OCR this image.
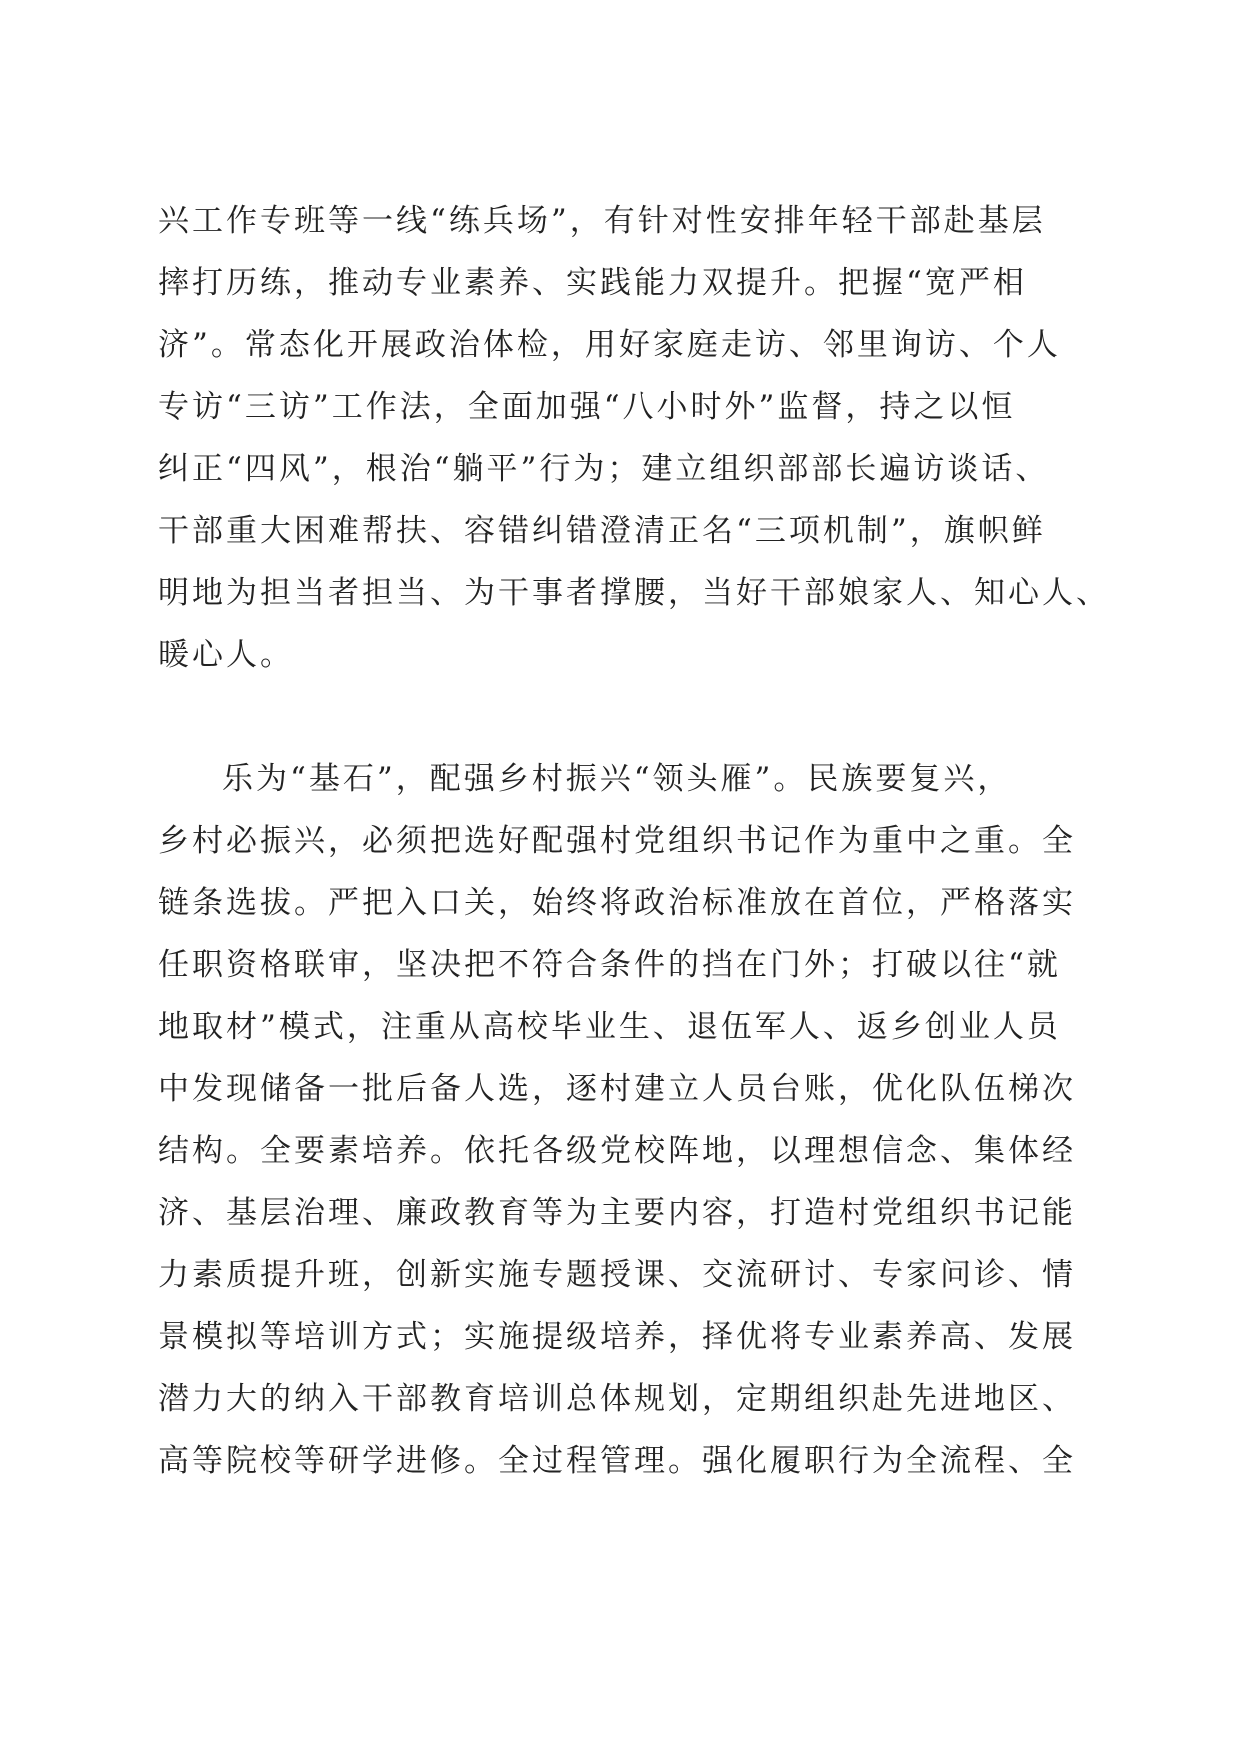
兴工作专班等一线“练兵场”，有针对性安排年轻干部赴基层
摔打历练，推动专业素养、实践能力双提升。把握“宽严相
济”。常态化开展政治体检，用好家庭走访、邻里询访、个人
专访“三访”工作法，全面加强“八小时外”监督，持之以恒
纠正“四风”，根治“躺平”行为；建立组织部部长遍访谈话、
干部重大困难帮扶、容错纠错澄清正名“三项机制”，旗帜鲜
明地为担当者担当、为干事者撑腰，当好干部娘家人、知心人、
暖心人。
乐为“基石”，配强乡村振兴“领头雁”。民族要复兴，
乡村必振兴，必须把选好配强村党组织书记作为重中之重。全
链条选拔。严把入口关，始终将政治标准放在首位，严格落实
任职资格联审，坚决把不符合条件的挡在门外；打破以往“就
地取材”模式，注重从高校毕业生、退伍军人、返乡创业人员
中发现储备一批后备人选，逐村建立人员台账，优化队伍梯次
结构。全要素培养。依托各级党校阵地，以理想信念、集体经
济、基层治理、廉政教育等为主要内容，打造村党组织书记能
力素质提升班，创新实施专题授课、交流研讨、专家问诊、情
景模拟等培训方式；实施提级培养，择优将专业素养高、发展
潜力大的纳入干部教育培训总体规划，定期组织赴先进地区、
高等院校等研学进修。全过程管理。强化履职行为全流程、全
